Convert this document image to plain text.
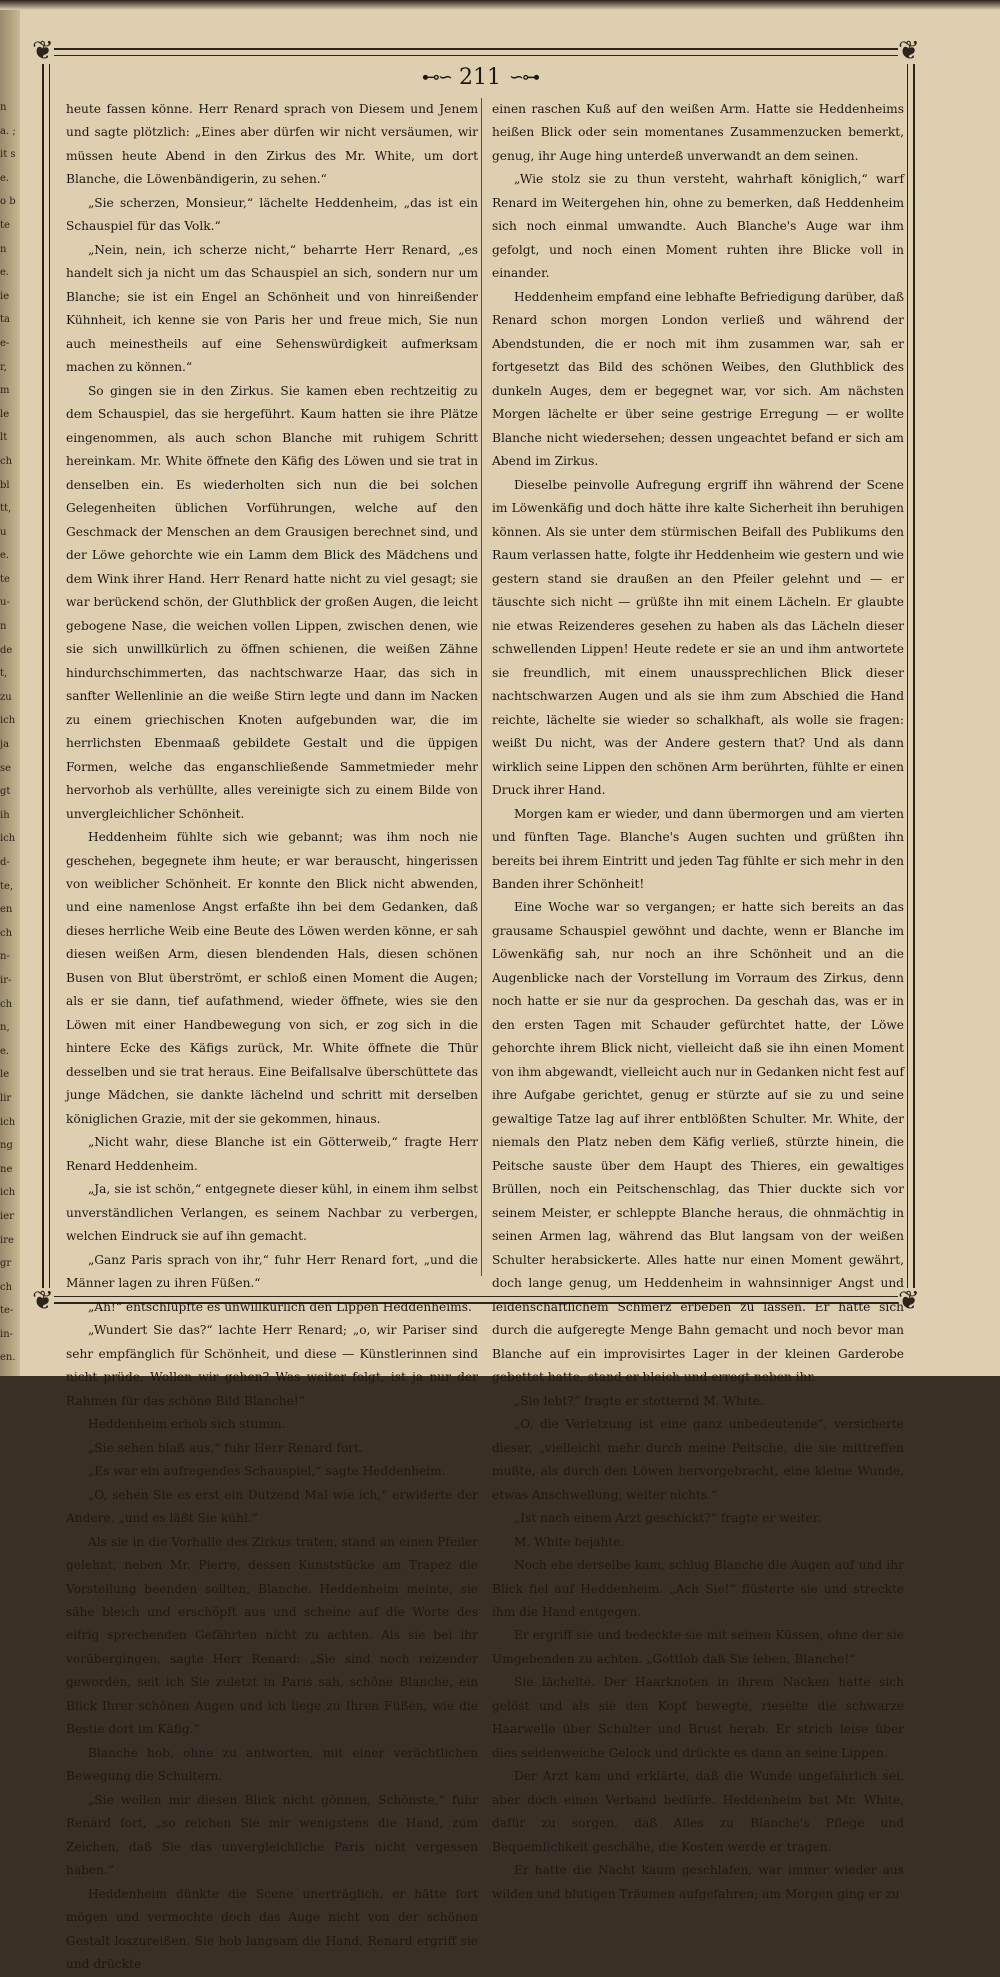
n a. ; it s e. o b te n e. ie ta e- r, m le lt ch bl tt, u e. te u- n de t, zu ich ja se gt ih ich d- te, en ch n- ir- ch n, e. le lir ich ng ne ich ier ire gr ch te- in- en.
❦	❦
❦	❦
⊷∽ 211 ∽⊶

heute fassen könne. Herr Renard sprach von Diesem und Jenem und sagte plötzlich: „Eines aber dürfen wir nicht versäumen, wir müssen heute Abend in den Zirkus des Mr. White, um dort Blanche, die Löwenbändigerin, zu sehen.“

„Sie scherzen, Monsieur,“ lächelte Heddenheim, „das ist ein Schauspiel für das Volk.“

„Nein, nein, ich scherze nicht,“ beharrte Herr Renard, „es handelt sich ja nicht um das Schauspiel an sich, sondern nur um Blanche; sie ist ein Engel an Schönheit und von hinreißender Kühnheit, ich kenne sie von Paris her und freue mich, Sie nun auch meinestheils auf eine Sehenswürdigkeit aufmerksam machen zu können.“

So gingen sie in den Zirkus. Sie kamen eben rechtzeitig zu dem Schauspiel, das sie hergeführt. Kaum hatten sie ihre Plätze eingenommen, als auch schon Blanche mit ruhigem Schritt hereinkam. Mr. White öffnete den Käfig des Löwen und sie trat in denselben ein. Es wiederholten sich nun die bei solchen Gelegenheiten üblichen Vorführungen, welche auf den Geschmack der Menschen an dem Grausigen berechnet sind, und der Löwe gehorchte wie ein Lamm dem Blick des Mädchens und dem Wink ihrer Hand. Herr Renard hatte nicht zu viel gesagt; sie war berückend schön, der Gluthblick der großen Augen, die leicht gebogene Nase, die weichen vollen Lippen, zwischen denen, wie sie sich unwillkürlich zu öffnen schienen, die weißen Zähne hindurchschimmerten, das nachtschwarze Haar, das sich in sanfter Wellenlinie an die weiße Stirn legte und dann im Nacken zu einem griechischen Knoten aufgebunden war, die im herrlichsten Ebenmaaß gebildete Gestalt und die üppigen Formen, welche das enganschließende Sammetmieder mehr hervorhob als verhüllte, alles vereinigte sich zu einem Bilde von unvergleichlicher Schönheit.

Heddenheim fühlte sich wie gebannt; was ihm noch nie geschehen, begegnete ihm heute; er war berauscht, hingerissen von weiblicher Schönheit. Er konnte den Blick nicht abwenden, und eine namenlose Angst erfaßte ihn bei dem Gedanken, daß dieses herrliche Weib eine Beute des Löwen werden könne, er sah diesen weißen Arm, diesen blendenden Hals, diesen schönen Busen von Blut überströmt, er schloß einen Moment die Augen; als er sie dann, tief aufathmend, wieder öffnete, wies sie den Löwen mit einer Handbewegung von sich, er zog sich in die hintere Ecke des Käfigs zurück, Mr. White öffnete die Thür desselben und sie trat heraus. Eine Beifallsalve überschüttete das junge Mädchen, sie dankte lächelnd und schritt mit derselben königlichen Grazie, mit der sie gekommen, hinaus.

„Nicht wahr, diese Blanche ist ein Götterweib,“ fragte Herr Renard Heddenheim.

„Ja, sie ist schön,“ entgegnete dieser kühl, in einem ihm selbst unverständlichen Verlangen, es seinem Nachbar zu verbergen, welchen Eindruck sie auf ihn gemacht.

„Ganz Paris sprach von ihr,“ fuhr Herr Renard fort, „und die Männer lagen zu ihren Füßen.“

„Ah!“ entschlüpfte es unwillkürlich den Lippen Heddenheims.

„Wundert Sie das?“ lachte Herr Renard; „o, wir Pariser sind sehr empfänglich für Schönheit, und diese — Künstlerinnen sind nicht prüde. Wollen wir gehen? Was weiter folgt, ist ja nur der Rahmen für das schöne Bild Blanche!“

Heddenheim erhob sich stumm.

„Sie sehen blaß aus,“ fuhr Herr Renard fort.

„Es war ein aufregendes Schauspiel,“ sagte Heddenheim.

„O, sehen Sie es erst ein Dutzend Mal wie ich,“ erwiderte der Andere, „und es läßt Sie kühl.“

Als sie in die Vorhalle des Zirkus traten, stand an einen Pfeiler gelehnt, neben Mr. Pierre, dessen Kunststücke am Trapez die Vorstellung beenden sollten, Blanche. Heddenheim meinte, sie sähe bleich und erschöpft aus und scheine auf die Worte des eifrig sprechenden Gefährten nicht zu achten. Als sie bei ihr vorübergingen, sagte Herr Renard: „Sie sind noch reizender geworden, seit ich Sie zuletzt in Paris sah, schöne Blanche, ein Blick Ihrer schönen Augen und ich liege zu Ihren Füßen, wie die Bestie dort im Käfig.“

Blanche hob, ohne zu antworten, mit einer verächtlichen Bewegung die Schultern.

„Sie wollen mir diesen Blick nicht gönnen, Schönste,“ fuhr Renard fort, „so reichen Sie mir wenigstens die Hand, zum Zeichen, daß Sie das unvergleichliche Paris nicht vergessen haben.“

Heddenheim dünkte die Scene unerträglich, er hätte fort mögen und vermochte doch das Auge nicht von der schönen Gestalt loszureißen. Sie hob langsam die Hand, Renard ergriff sie und drückte

einen raschen Kuß auf den weißen Arm. Hatte sie Heddenheims heißen Blick oder sein momentanes Zusammenzucken bemerkt, genug, ihr Auge hing unterdeß unverwandt an dem seinen.

„Wie stolz sie zu thun versteht, wahrhaft königlich,“ warf Renard im Weitergehen hin, ohne zu bemerken, daß Heddenheim sich noch einmal umwandte. Auch Blanche's Auge war ihm gefolgt, und noch einen Moment ruhten ihre Blicke voll in einander.

Heddenheim empfand eine lebhafte Befriedigung darüber, daß Renard schon morgen London verließ und während der Abendstunden, die er noch mit ihm zusammen war, sah er fortgesetzt das Bild des schönen Weibes, den Gluthblick des dunkeln Auges, dem er begegnet war, vor sich. Am nächsten Morgen lächelte er über seine gestrige Erregung — er wollte Blanche nicht wiedersehen; dessen ungeachtet befand er sich am Abend im Zirkus.

Dieselbe peinvolle Aufregung ergriff ihn während der Scene im Löwenkäfig und doch hätte ihre kalte Sicherheit ihn beruhigen können. Als sie unter dem stürmischen Beifall des Publikums den Raum verlassen hatte, folgte ihr Heddenheim wie gestern und wie gestern stand sie draußen an den Pfeiler gelehnt und — er täuschte sich nicht — grüßte ihn mit einem Lächeln. Er glaubte nie etwas Reizenderes gesehen zu haben als das Lächeln dieser schwellenden Lippen! Heute redete er sie an und ihm antwortete sie freundlich, mit einem unaussprechlichen Blick dieser nachtschwarzen Augen und als sie ihm zum Abschied die Hand reichte, lächelte sie wieder so schalkhaft, als wolle sie fragen: weißt Du nicht, was der Andere gestern that? Und als dann wirklich seine Lippen den schönen Arm berührten, fühlte er einen Druck ihrer Hand.

Morgen kam er wieder, und dann übermorgen und am vierten und fünften Tage. Blanche's Augen suchten und grüßten ihn bereits bei ihrem Eintritt und jeden Tag fühlte er sich mehr in den Banden ihrer Schönheit!

Eine Woche war so vergangen; er hatte sich bereits an das grausame Schauspiel gewöhnt und dachte, wenn er Blanche im Löwenkäfig sah, nur noch an ihre Schönheit und an die Augenblicke nach der Vorstellung im Vorraum des Zirkus, denn noch hatte er sie nur da gesprochen. Da geschah das, was er in den ersten Tagen mit Schauder gefürchtet hatte, der Löwe gehorchte ihrem Blick nicht, vielleicht daß sie ihn einen Moment von ihm abgewandt, vielleicht auch nur in Gedanken nicht fest auf ihre Aufgabe gerichtet, genug er stürzte auf sie zu und seine gewaltige Tatze lag auf ihrer entblößten Schulter. Mr. White, der niemals den Platz neben dem Käfig verließ, stürzte hinein, die Peitsche sauste über dem Haupt des Thieres, ein gewaltiges Brüllen, noch ein Peitschenschlag, das Thier duckte sich vor seinem Meister, er schleppte Blanche heraus, die ohnmächtig in seinen Armen lag, während das Blut langsam von der weißen Schulter herabsickerte. Alles hatte nur einen Moment gewährt, doch lange genug, um Heddenheim in wahnsinniger Angst und leidenschaftlichem Schmerz erbeben zu lassen. Er hatte sich durch die aufgeregte Menge Bahn gemacht und noch bevor man Blanche auf ein improvisirtes Lager in der kleinen Garderobe gebettet hatte, stand er bleich und erregt neben ihr.

„Sie lebt?“ fragte er stotternd M. White.

„O, die Verletzung ist eine ganz unbedeutende“, versicherte dieser, „vielleicht mehr durch meine Peitsche, die sie mittreffen mußte, als durch den Löwen hervorgebracht, eine kleine Wunde, etwas Anschwellung, weiter nichts.“

„Ist nach einem Arzt geschickt?“ fragte er weiter.

M. White bejahte.

Noch ehe derselbe kam, schlug Blanche die Augen auf und ihr Blick fiel auf Heddenheim. „Ach Sie!“ flüsterte sie und streckte ihm die Hand entgegen.

Er ergriff sie und bedeckte sie mit seinen Küssen, ohne der sie Umgebenden zu achten. „Gottlob daß Sie leben, Blanche!“

Sie lächelte. Der Haarknoten in ihrem Nacken hatte sich gelöst und als sie den Kopf bewegte, rieselte die schwarze Haarwelle über Schulter und Brust herab. Er strich leise über dies seidenweiche Gelock und drückte es dann an seine Lippen.

Der Arzt kam und erklärte, daß die Wunde ungefährlich sei, aber doch einen Verband bedürfe. Heddenheim bat Mr. White, dafür zu sorgen, daß Alles zu Blanche's Pflege und Bequemlichkeit geschähe, die Kosten werde er tragen.

Er hatte die Nacht kaum geschlafen, war immer wieder aus wilden und blutigen Träumen aufgefahren; am Morgen ging er zu
